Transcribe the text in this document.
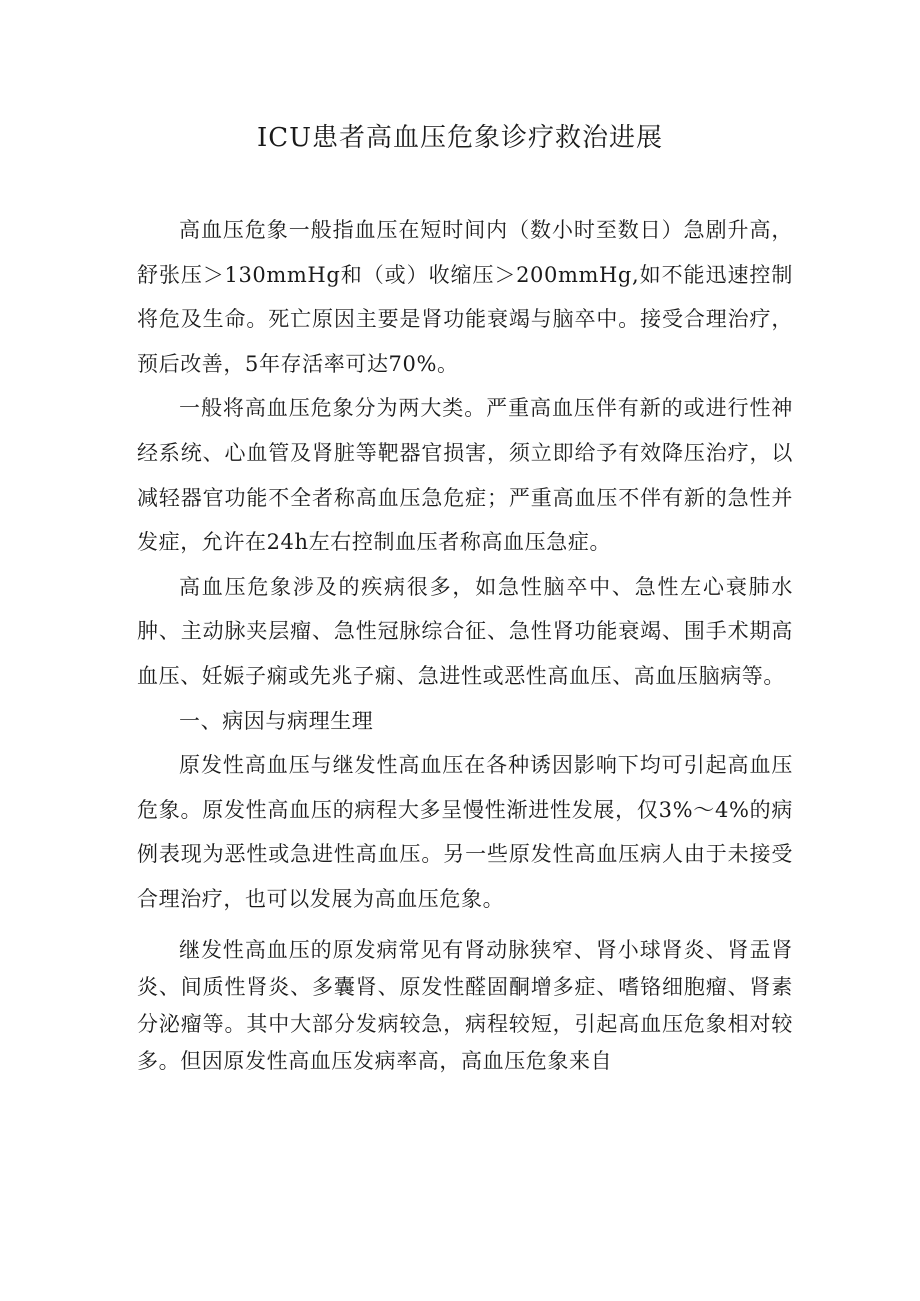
ICU患者高血压危象诊疗救治进展

高血压危象一般指血压在短时间内（数小时至数日）急剧升高，舒张压＞130mmHg和（或）收缩压＞200mmHg,如不能迅速控制将危及生命。死亡原因主要是肾功能衰竭与脑卒中。接受合理治疗，预后改善，5年存活率可达70%。

一般将高血压危象分为两大类。严重高血压伴有新的或进行性神经系统、心血管及肾脏等靶器官损害，须立即给予有效降压治疗，以减轻器官功能不全者称高血压急危症；严重高血压不伴有新的急性并发症，允许在24h左右控制血压者称高血压急症。

高血压危象涉及的疾病很多，如急性脑卒中、急性左心衰肺水肿、主动脉夹层瘤、急性冠脉综合征、急性肾功能衰竭、围手术期高血压、妊娠子痫或先兆子痫、急进性或恶性高血压、高血压脑病等。

一、病因与病理生理

原发性高血压与继发性高血压在各种诱因影响下均可引起高血压危象。原发性高血压的病程大多呈慢性渐进性发展，仅3%～4%的病例表现为恶性或急进性高血压。另一些原发性高血压病人由于未接受合理治疗，也可以发展为高血压危象。

继发性高血压的原发病常见有肾动脉狭窄、肾小球肾炎、肾盂肾炎、间质性肾炎、多囊肾、原发性醛固酮增多症、嗜铬细胞瘤、肾素分泌瘤等。其中大部分发病较急，病程较短，引起高血压危象相对较多。但因原发性高血压发病率高，高血压危象来自
